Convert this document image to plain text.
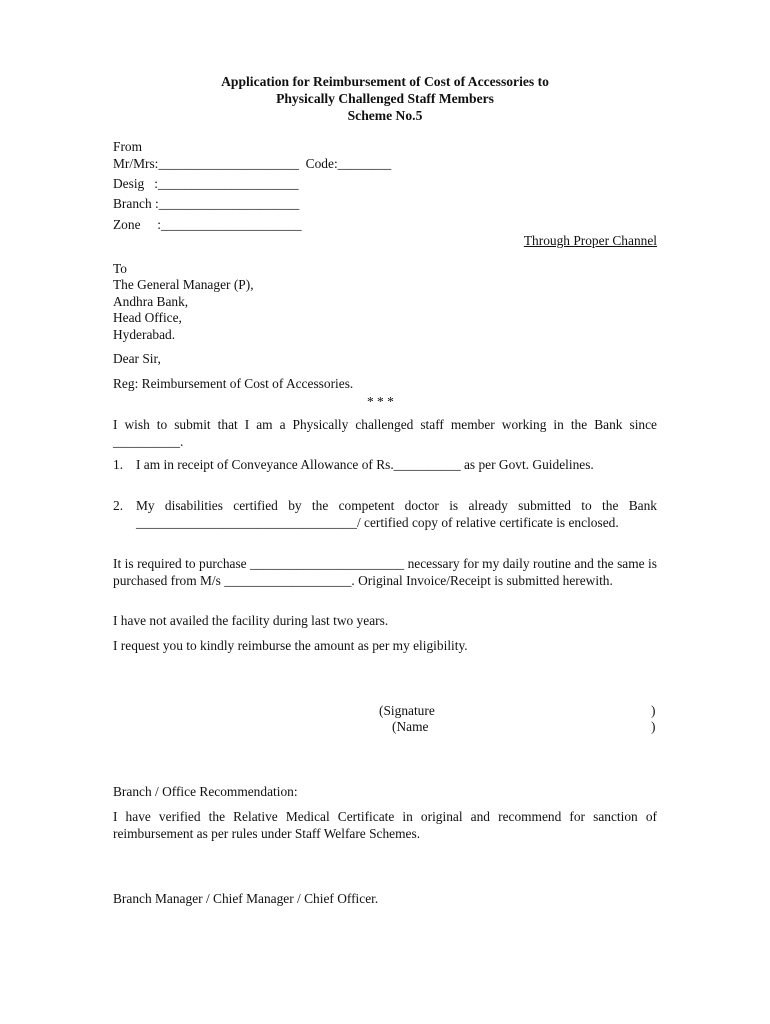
Application for Reimbursement of Cost of Accessories to
Physically Challenged Staff Members
Scheme No.5
From
Mr/Mrs:_____________________  Code:________
Desig   :_____________________
Branch :_____________________
Zone     :_____________________
Through Proper Channel
To
The General Manager (P),
Andhra Bank,
Head Office,
Hyderabad.
Dear Sir,
Reg: Reimbursement of Cost of Accessories.
* * *
I wish to submit that I am a Physically challenged staff member working in the Bank since __________.
1. I am in receipt of Conveyance Allowance of Rs.__________ as per Govt. Guidelines.
2. My disabilities certified by the competent doctor is already submitted to the Bank _________________________________/ certified copy of relative certificate is enclosed.
It is required to purchase _______________________ necessary for my daily routine and the same is purchased from M/s ___________________. Original Invoice/Receipt is submitted herewith.
I have not availed the facility during last two years.
I request you to kindly reimburse the amount as per my eligibility.
(Signature	)
(Name	)
Branch / Office Recommendation:
I have verified the Relative Medical Certificate in original and recommend for sanction of reimbursement as per rules under Staff Welfare Schemes.
Branch Manager / Chief Manager / Chief Officer.
